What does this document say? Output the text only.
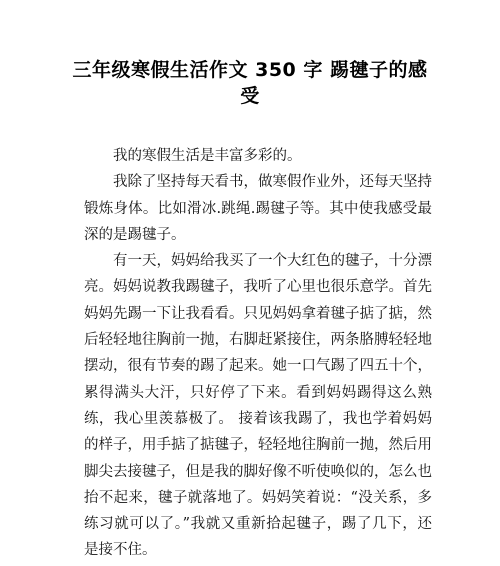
三年级寒假生活作文 350 字 踢毽子的感受

我的寒假生活是丰富多彩的。

我除了坚持每天看书，做寒假作业外，还每天坚持锻炼身体。比如滑冰.跳绳.踢毽子等。其中使我感受最深的是踢毽子。

有一天，妈妈给我买了一个大红色的毽子，十分漂亮。妈妈说教我踢毽子，我听了心里也很乐意学。首先妈妈先踢一下让我看看。只见妈妈拿着毽子掂了掂，然后轻轻地往胸前一抛，右脚赶紧接住，两条胳膊轻轻地摆动，很有节奏的踢了起来。她一口气踢了四五十个，累得满头大汗，只好停了下来。看到妈妈踢得这么熟练，我心里羡慕极了。 接着该我踢了，我也学着妈妈的样子，用手掂了掂毽子，轻轻地往胸前一抛，然后用脚尖去接毽子，但是我的脚好像不听使唤似的，怎么也抬不起来，毽子就落地了。妈妈笑着说：“没关系，多练习就可以了。”我就又重新拾起毽子，踢了几下，还是接不住。
